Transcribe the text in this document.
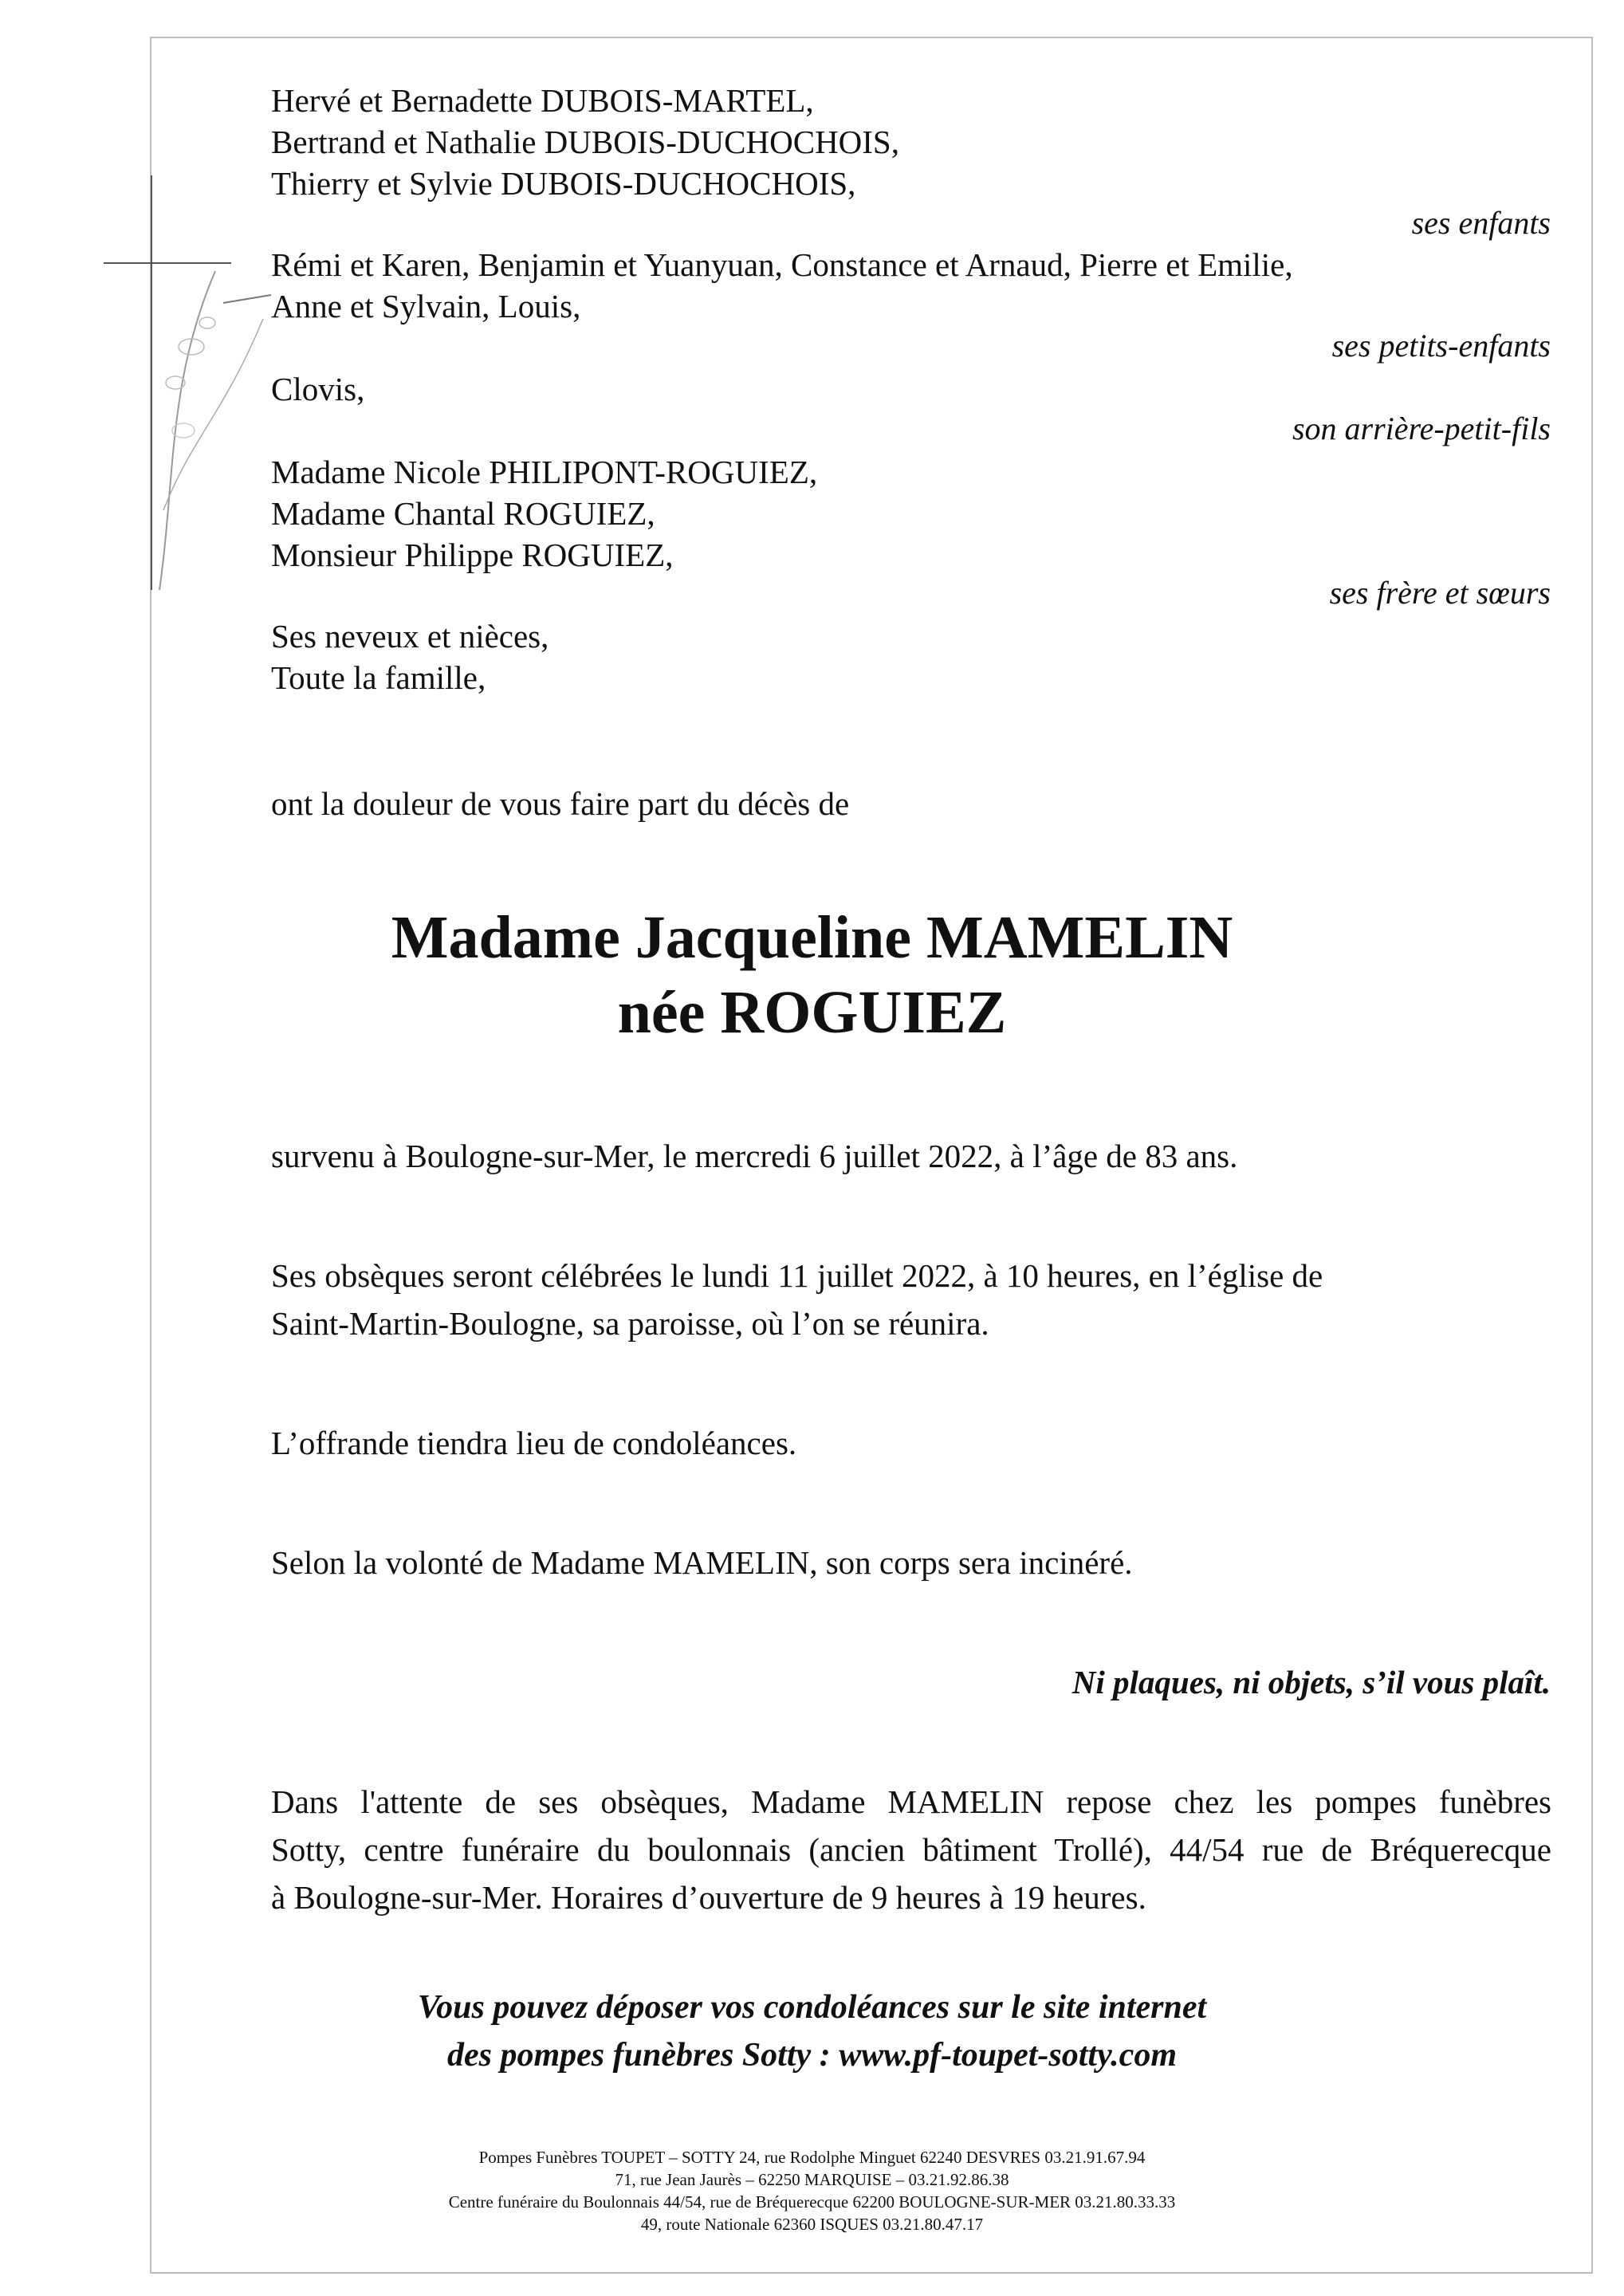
Hervé et Bernadette DUBOIS-MARTEL,
Bertrand et Nathalie DUBOIS-DUCHOCHOIS,
Thierry et Sylvie DUBOIS-DUCHOCHOIS,
ses enfants
Rémi et Karen, Benjamin et Yuanyuan, Constance et Arnaud, Pierre et Emilie,
Anne et Sylvain, Louis,
ses petits-enfants
Clovis,
son arrière-petit-fils
Madame Nicole PHILIPONT-ROGUIEZ,
Madame Chantal ROGUIEZ,
Monsieur Philippe ROGUIEZ,
ses frère et sœurs
Ses neveux et nièces,
Toute la famille,
ont la douleur de vous faire part du décès de
Madame Jacqueline MAMELIN
née ROGUIEZ
survenu à Boulogne-sur-Mer, le mercredi 6 juillet 2022, à l’âge de 83 ans.
Ses obsèques seront célébrées le lundi 11 juillet 2022, à 10 heures, en l’église de
Saint-Martin-Boulogne, sa paroisse, où l’on se réunira.
L’offrande tiendra lieu de condoléances.
Selon la volonté de Madame MAMELIN, son corps sera incinéré.
Ni plaques, ni objets, s’il vous plaît.
Dans l'attente de ses obsèques, Madame MAMELIN repose chez les pompes funèbres
Sotty, centre funéraire du boulonnais (ancien bâtiment Trollé), 44/54 rue de Bréquerecque
à Boulogne-sur-Mer. Horaires d’ouverture de 9 heures à 19 heures.
Vous pouvez déposer vos condoléances sur le site internet
des pompes funèbres Sotty : www.pf-toupet-sotty.com
Pompes Funèbres TOUPET – SOTTY 24, rue Rodolphe Minguet 62240 DESVRES 03.21.91.67.94
71, rue Jean Jaurès – 62250 MARQUISE – 03.21.92.86.38
Centre funéraire du Boulonnais 44/54, rue de Bréquerecque 62200 BOULOGNE-SUR-MER 03.21.80.33.33
49, route Nationale 62360 ISQUES 03.21.80.47.17
